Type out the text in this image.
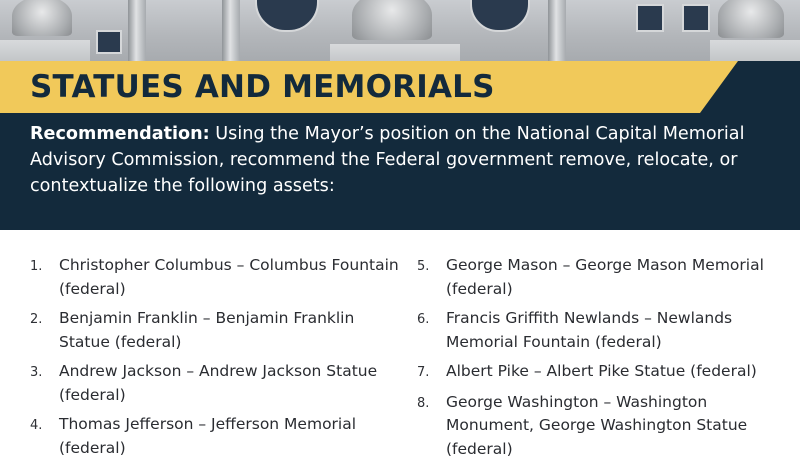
STATUES AND MEMORIALS

Recommendation: Using the Mayor’s position on the National Capital Memorial Advisory Commission, recommend the Federal government remove, relocate, or contextualize the following assets:

1.	Christopher Columbus – Columbus Fountain (federal)
2.	Benjamin Franklin – Benjamin Franklin Statue (federal)
3.	Andrew Jackson – Andrew Jackson Statue (federal)
4.	Thomas Jefferson – Jefferson Memorial (federal)
5.	George Mason – George Mason Memorial (federal)
6.	Francis Griffith Newlands – Newlands Memorial Fountain (federal)
7.	Albert Pike – Albert Pike Statue (federal)
8.	George Washington – Washington Monument, George Washington Statue (federal)
